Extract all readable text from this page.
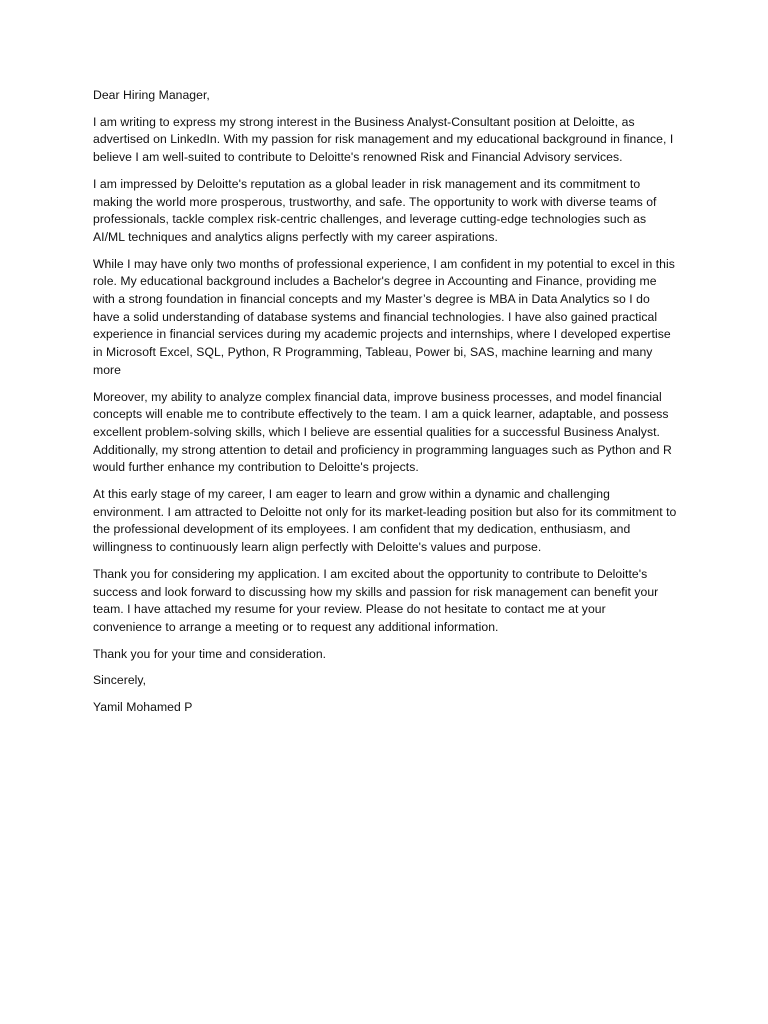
Dear Hiring Manager,

I am writing to express my strong interest in the Business Analyst-Consultant position at Deloitte, as advertised on LinkedIn. With my passion for risk management and my educational background in finance, I believe I am well-suited to contribute to Deloitte's renowned Risk and Financial Advisory services.

I am impressed by Deloitte's reputation as a global leader in risk management and its commitment to making the world more prosperous, trustworthy, and safe. The opportunity to work with diverse teams of professionals, tackle complex risk-centric challenges, and leverage cutting-edge technologies such as AI/ML techniques and analytics aligns perfectly with my career aspirations.

While I may have only two months of professional experience, I am confident in my potential to excel in this role. My educational background includes a Bachelor's degree in Accounting and Finance, providing me with a strong foundation in financial concepts and my Master’s degree is MBA in Data Analytics so I do have a solid understanding of database systems and financial technologies. I have also gained practical experience in financial services during my academic projects and internships, where I developed expertise in Microsoft Excel, SQL, Python, R Programming, Tableau, Power bi, SAS, machine learning and many more

Moreover, my ability to analyze complex financial data, improve business processes, and model financial concepts will enable me to contribute effectively to the team. I am a quick learner, adaptable, and possess excellent problem-solving skills, which I believe are essential qualities for a successful Business Analyst. Additionally, my strong attention to detail and proficiency in programming languages such as Python and R would further enhance my contribution to Deloitte's projects.

At this early stage of my career, I am eager to learn and grow within a dynamic and challenging environment. I am attracted to Deloitte not only for its market-leading position but also for its commitment to the professional development of its employees. I am confident that my dedication, enthusiasm, and willingness to continuously learn align perfectly with Deloitte's values and purpose.

Thank you for considering my application. I am excited about the opportunity to contribute to Deloitte's success and look forward to discussing how my skills and passion for risk management can benefit your team. I have attached my resume for your review. Please do not hesitate to contact me at your convenience to arrange a meeting or to request any additional information.

Thank you for your time and consideration.

Sincerely,

Yamil Mohamed P
